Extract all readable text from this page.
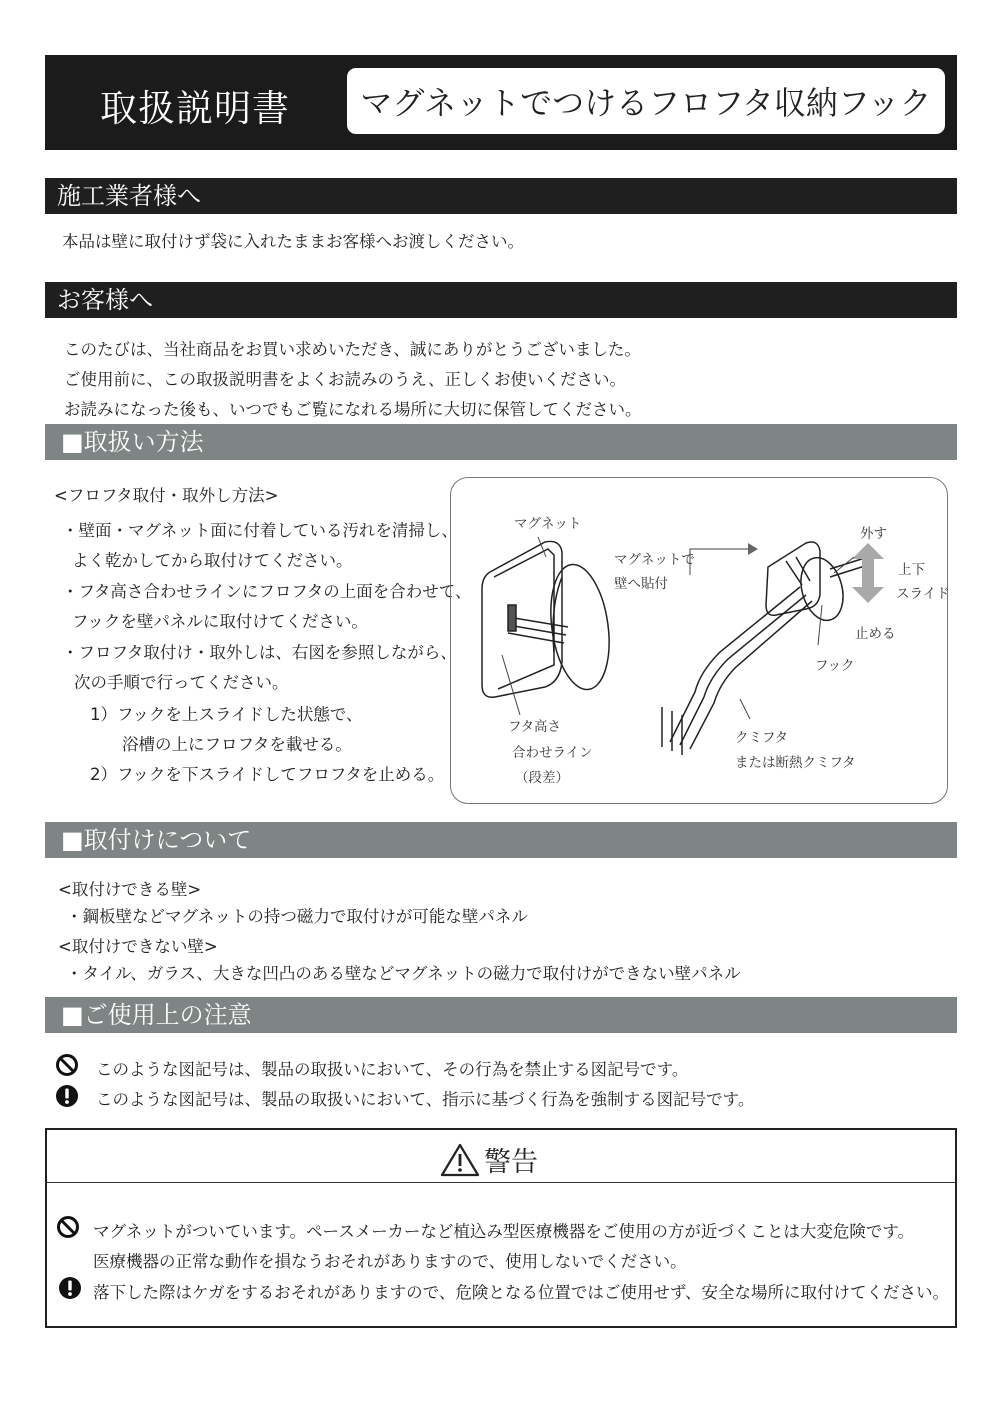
取扱説明書	マグネットでつけるフロフタ収納フック
施工業者様へ
本品は壁に取付けず袋に入れたままお客様へお渡しください。
お客様へ
このたびは、当社商品をお買い求めいただき、誠にありがとうございました。
ご使用前に、この取扱説明書をよくお読みのうえ、正しくお使いください。
お読みになった後も、いつでもご覧になれる場所に大切に保管してください。
■取扱い方法
<フロフタ取付・取外し方法>
・壁面・マグネット面に付着している汚れを清掃し、
よく乾かしてから取付けてください。
・フタ高さ合わせラインにフロフタの上面を合わせて、
フックを壁パネルに取付けてください。
・フロフタ取付け・取外しは、右図を参照しながら、
次の手順で行ってください。
1）フックを上スライドした状態で、
浴槽の上にフロフタを載せる。
2）フックを下スライドしてフロフタを止める。
マグネット
マグネットで
壁へ貼付
外す
上下
スライド
止める
フック
フタ高さ
合わせライン
（段差）
クミフタ
または断熱クミフタ
■取付けについて
<取付けできる壁>
・鋼板壁などマグネットの持つ磁力で取付けが可能な壁パネル
<取付けできない壁>
・タイル、ガラス、大きな凹凸のある壁などマグネットの磁力で取付けができない壁パネル
■ご使用上の注意
このような図記号は、製品の取扱いにおいて、その行為を禁止する図記号です。
このような図記号は、製品の取扱いにおいて、指示に基づく行為を強制する図記号です。
警告
マグネットがついています。ペースメーカーなど植込み型医療機器をご使用の方が近づくことは大変危険です。
医療機器の正常な動作を損なうおそれがありますので、使用しないでください。
落下した際はケガをするおそれがありますので、危険となる位置ではご使用せず、安全な場所に取付けてください。
